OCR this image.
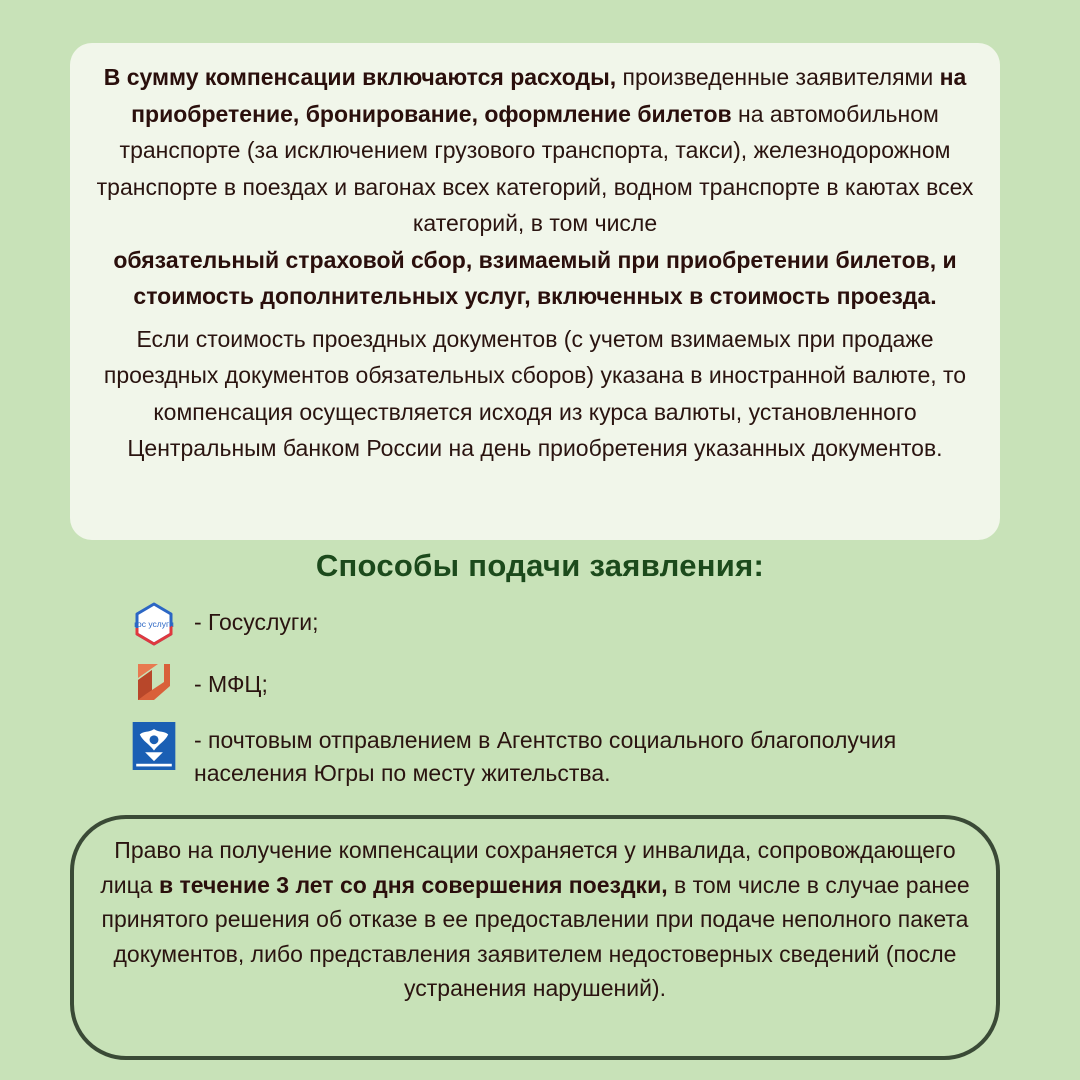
В сумму компенсации включаются расходы, произведенные заявителями на приобретение, бронирование, оформление билетов на автомобильном транспорте (за исключением грузового транспорта, такси), железнодорожном транспорте в поездах и вагонах всех категорий, водном транспорте в каютах всех категорий, в том числе
обязательный страховой сбор, взимаемый при приобретении билетов, и стоимость дополнительных услуг, включенных в стоимость проезда.

Если стоимость проездных документов (с учетом взимаемых при продаже проездных документов обязательных сборов) указана в иностранной валюте, то компенсация осуществляется исходя из курса валюты, установленного Центральным банком России на день приобретения указанных документов.

Способы подачи заявления:
гос услуги - Госуслуги;
- МФЦ;
- почтовым отправлением в Агентство социального благополучия населения Югры по месту жительства.
Право на получение компенсации сохраняется у инвалида, сопровождающего лица в течение 3 лет со дня совершения поездки, в том числе в случае ранее принятого решения об отказе в ее предоставлении при подаче неполного пакета документов, либо представления заявителем недостоверных сведений (после устранения нарушений).
